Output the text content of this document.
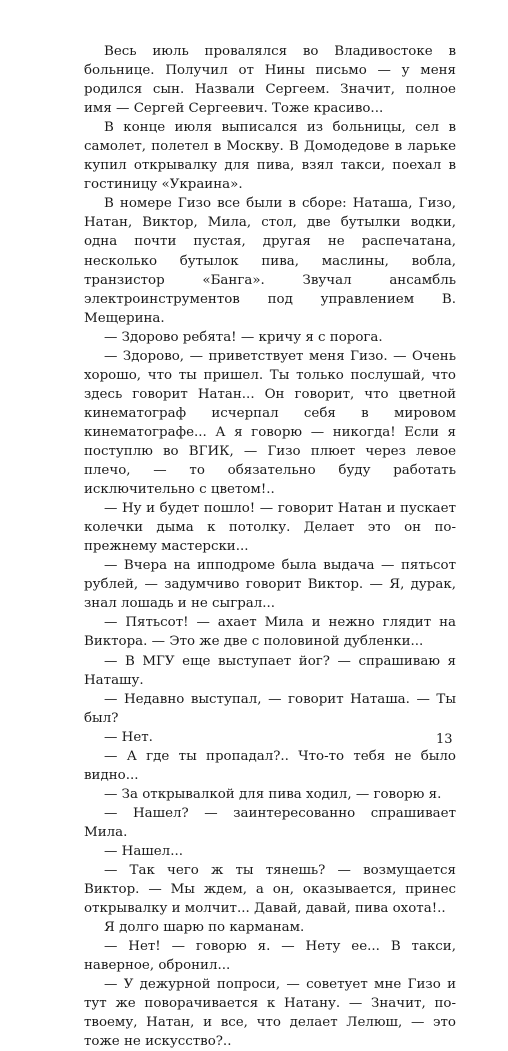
Весь июль провалялся во Владивостоке в больнице. Получил от Нины письмо — у меня родился сын. Назвали Сергеем. Значит, полное имя — Сергей Сергеевич. Тоже красиво...

В конце июля выписался из больницы, сел в самолет, полетел в Москву. В Домодедове в ларьке купил открывалку для пива, взял такси, поехал в гостиницу «Украина».

В номере Гизо все были в сборе: Наташа, Гизо, Натан, Виктор, Мила, стол, две бутылки водки, одна почти пустая, другая не распечатана, несколько бутылок пива, маслины, вобла, транзистор «Банга». Звучал ансамбль электроинструментов под управлением В. Мещерина.

— Здорово ребята! — кричу я с порога.

— Здорово, — приветствует меня Гизо. — Очень хорошо, что ты пришел. Ты только послушай, что здесь говорит Натан... Он говорит, что цветной кинематограф исчерпал себя в мировом кинематографе... А я говорю — никогда! Если я поступлю во ВГИК, — Гизо плюет через левое плечо, — то обязательно буду работать исключительно с цветом!..

— Ну и будет пошло! — говорит Натан и пускает колечки дыма к потолку. Делает это он по-прежнему мастерски...

— Вчера на ипподроме была выдача — пятьсот рублей, — задумчиво говорит Виктор. — Я, дурак, знал лошадь и не сыграл...

— Пятьсот! — ахает Мила и нежно глядит на Виктора. — Это же две с половиной дубленки...

— В МГУ еще выступает йог? — спрашиваю я Наташу.

— Недавно выступал, — говорит Наташа. — Ты был?

— Нет.

— А где ты пропадал?.. Что-то тебя не было видно...

— За открывалкой для пива ходил, — говорю я.

— Нашел? — заинтересованно спрашивает Мила.

— Нашел...

— Так чего ж ты тянешь? — возмущается Виктор. — Мы ждем, а он, оказывается, принес открывалку и молчит... Давай, давай, пива охота!..

Я долго шарю по карманам.

— Нет! — говорю я. — Нету ее... В такси, наверное, обронил...

— У дежурной попроси, — советует мне Гизо и тут же поворачивается к Натану. — Значит, по-твоему, Натан, и все, что делает Лелюш, — это тоже не искусство?..

13
